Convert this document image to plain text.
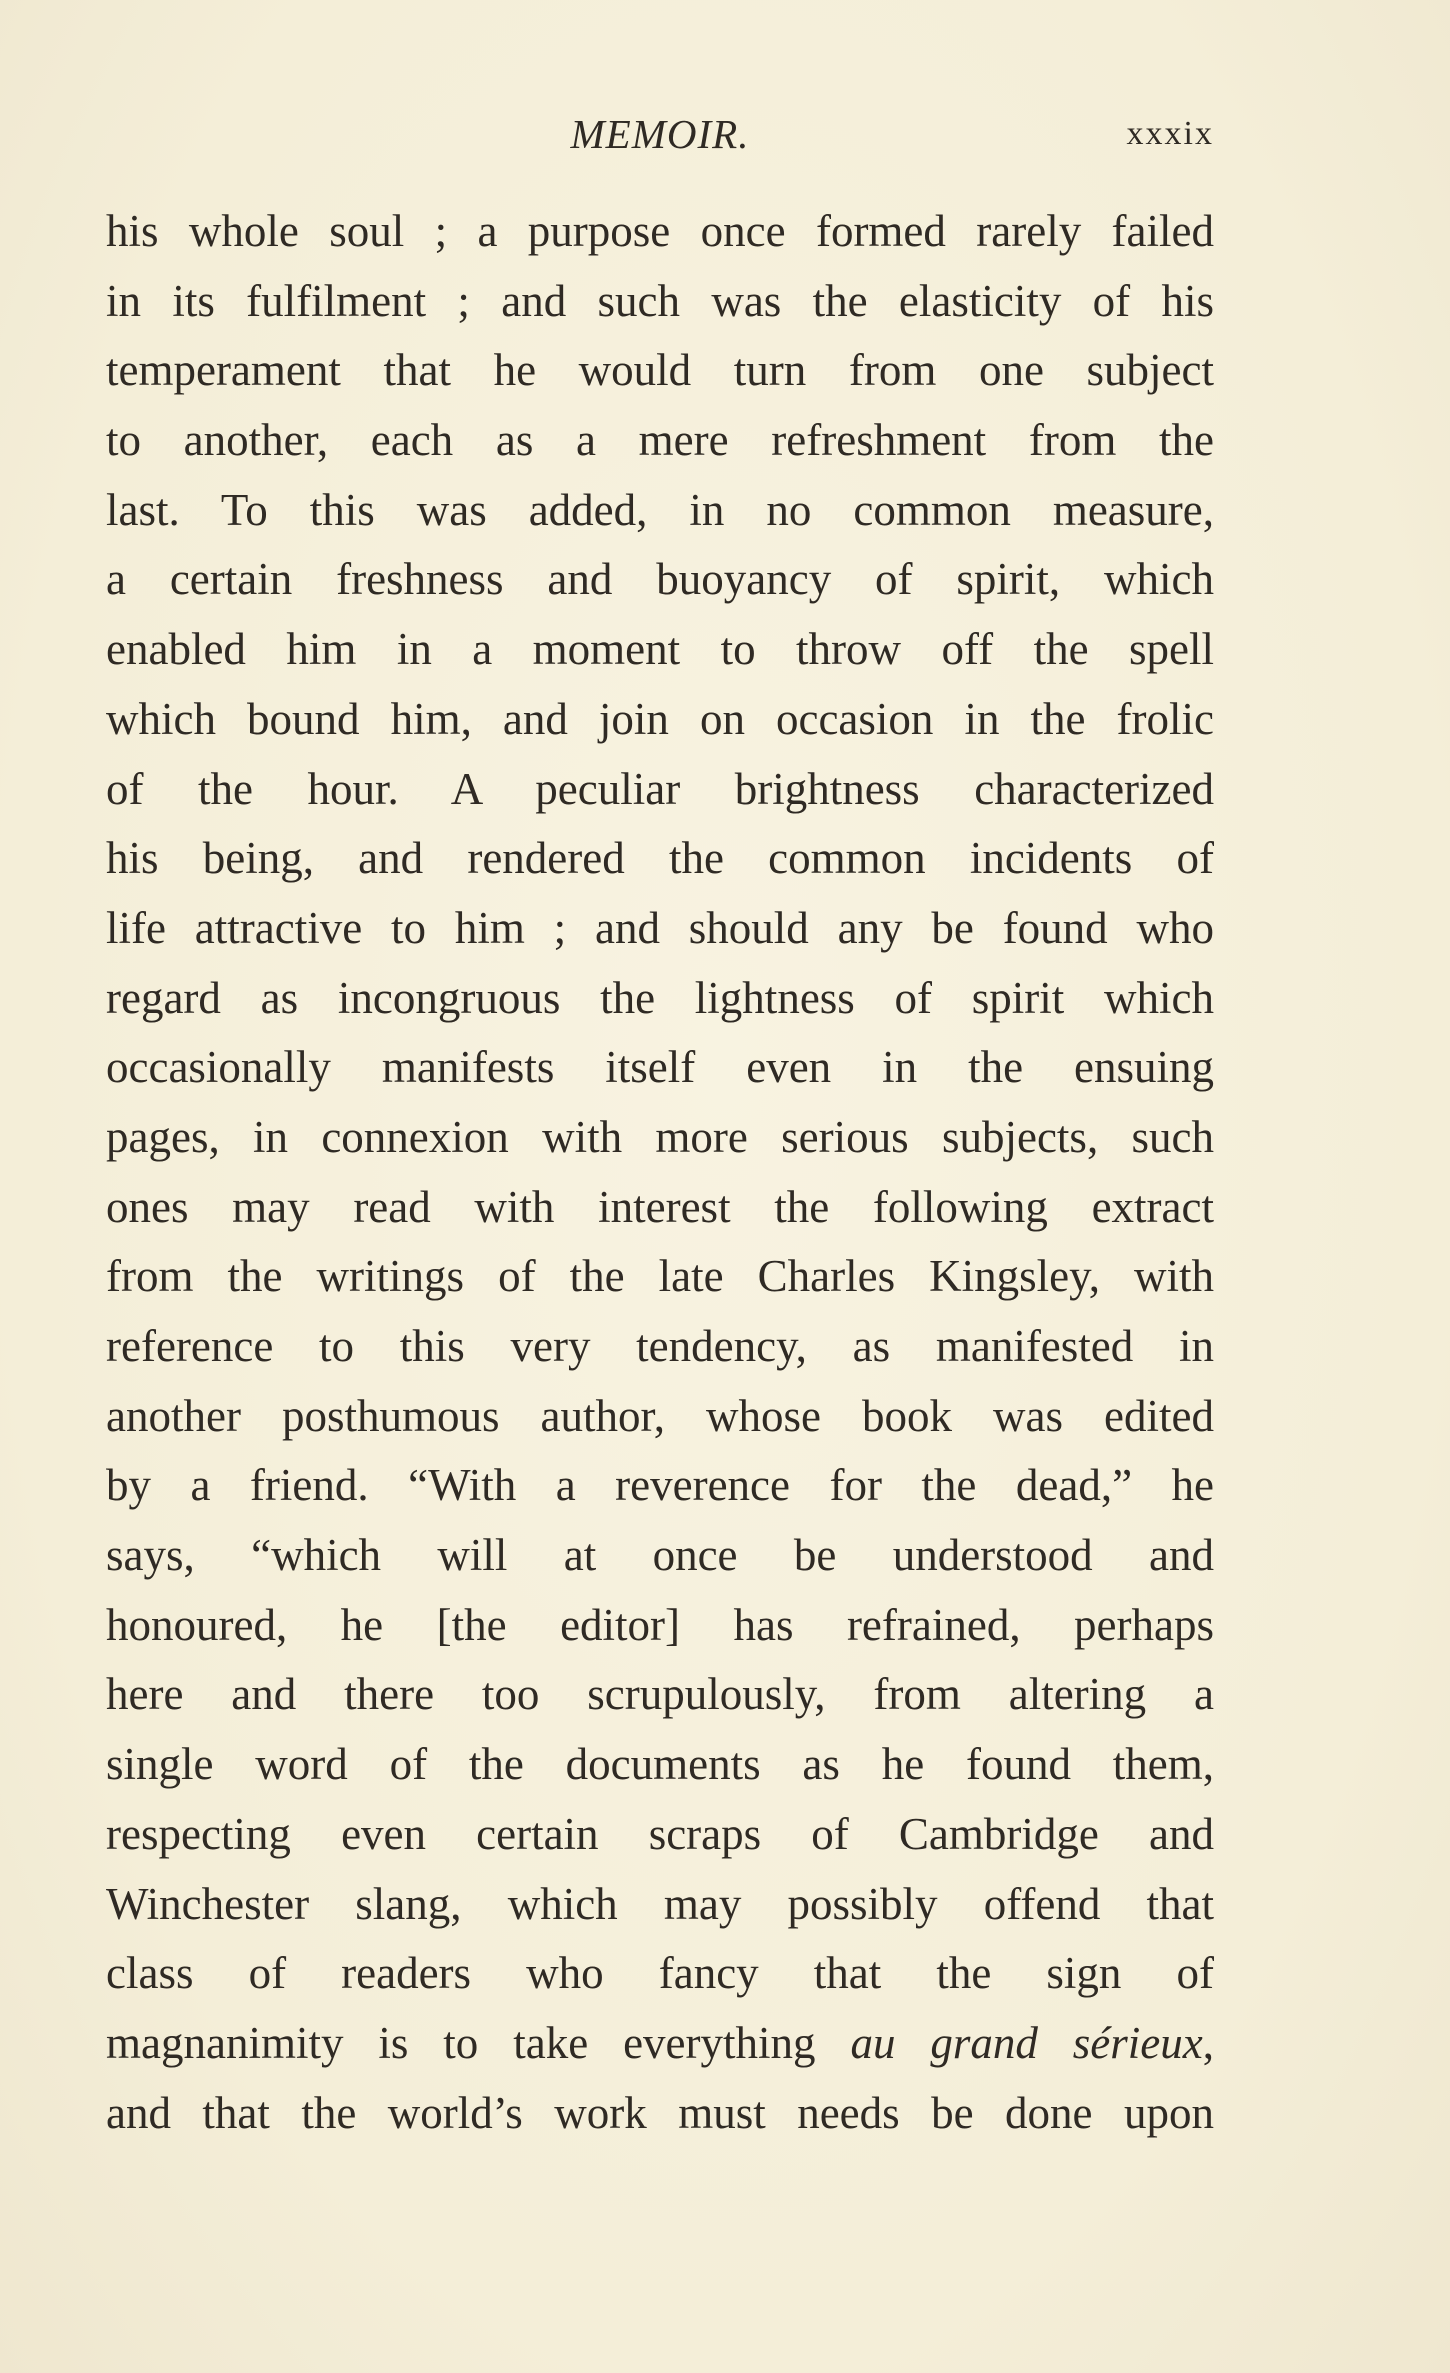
MEMOIR.	xxxix
his whole soul ; a purpose once formed rarely failed
in its fulfilment ; and such was the elasticity of his
temperament that he would turn from one subject
to another, each as a mere refreshment from the
last. To this was added, in no common measure,
a certain freshness and buoyancy of spirit, which
enabled him in a moment to throw off the spell
which bound him, and join on occasion in the frolic
of the hour. A peculiar brightness characterized
his being, and rendered the common incidents of
life attractive to him ; and should any be found who
regard as incongruous the lightness of spirit which
occasionally manifests itself even in the ensuing
pages, in connexion with more serious subjects, such
ones may read with interest the following extract
from the writings of the late Charles Kingsley, with
reference to this very tendency, as manifested in
another posthumous author, whose book was edited
by a friend. “With a reverence for the dead,” he
says, “which will at once be understood and
honoured, he [the editor] has refrained, perhaps
here and there too scrupulously, from altering a
single word of the documents as he found them,
respecting even certain scraps of Cambridge and
Winchester slang, which may possibly offend that
class of readers who fancy that the sign of
magnanimity is to take everything au grand sérieux,
and that the world’s work must needs be done upon
